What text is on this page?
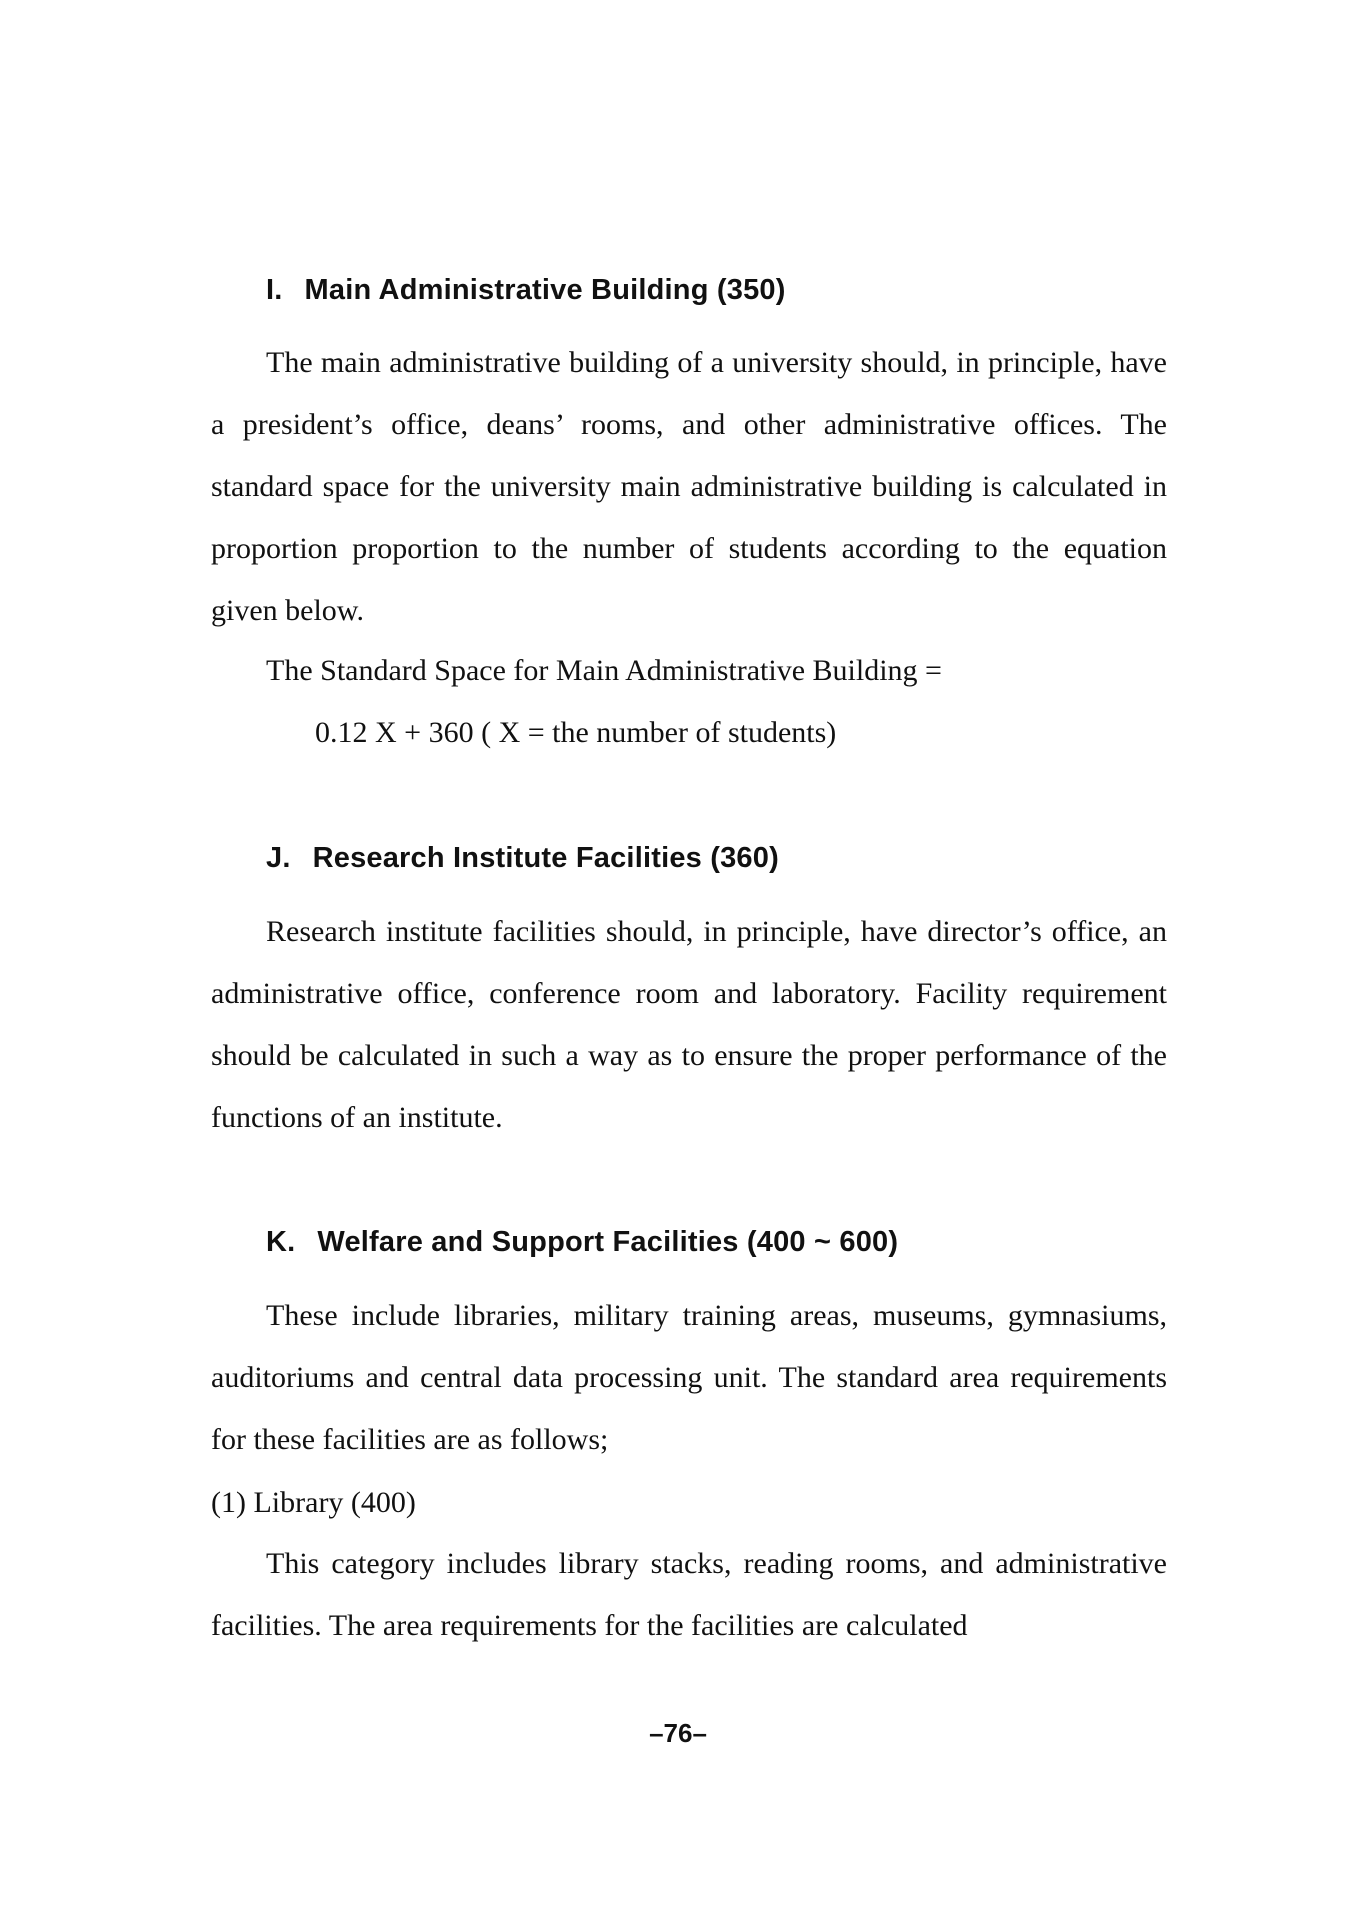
I. Main Administrative Building (350)

The main administrative building of a university should, in principle, have a president’s office, deans’ rooms, and other administrative offices. The standard space for the university main administrative building is calculated in proportion proportion to the number of students according to the equation given below.

The Standard Space for Main Administrative Building =

0.12 X + 360 ( X = the number of students)

J. Research Institute Facilities (360)

Research institute facilities should, in principle, have director’s office, an administrative office, conference room and laboratory. Facility requirement should be calculated in such a way as to ensure the proper performance of the functions of an institute.

K. Welfare and Support Facilities (400 ~ 600)

These include libraries, military training areas, museums, gymnasiums, auditoriums and central data processing unit. The standard area requirements for these facilities are as follows;

(1) Library (400)

This category includes library stacks, reading rooms, and administrative facilities. The area requirements for the facilities are calculated

–76–
